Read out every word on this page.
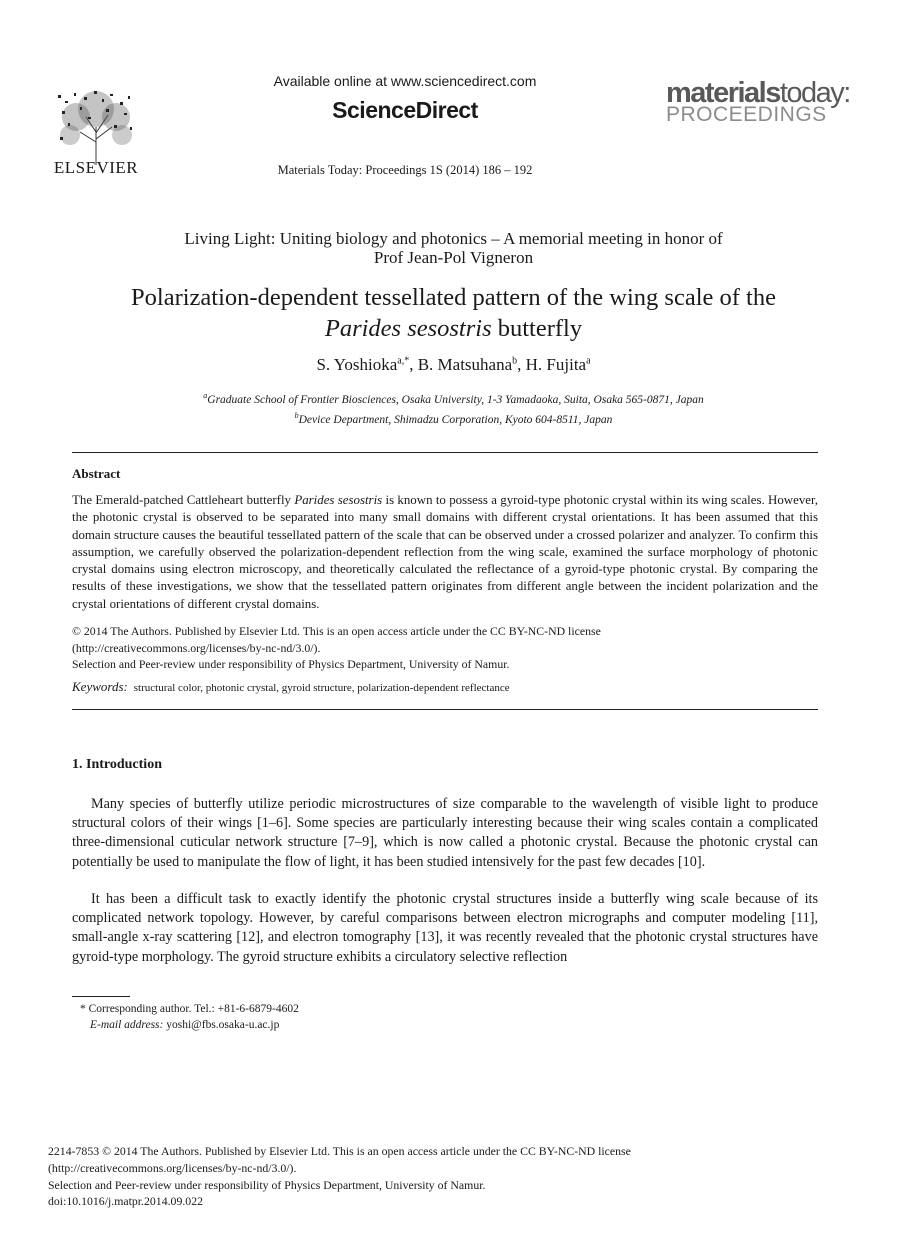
ELSEVIER
Available online at www.sciencedirect.com
ScienceDirect
Materials Today: Proceedings 1S (2014) 186 – 192
materialstoday:
PROCEEDINGS
Living Light: Uniting biology and photonics – A memorial meeting in honor of
Prof Jean-Pol Vigneron
Polarization-dependent tessellated pattern of the wing scale of the
Parides sesostris butterfly
S. Yoshioka$^{a,*}$, B. Matsuhana$^b$, H. Fujita$^a$
$^a$Graduate School of Frontier Biosciences, Osaka University, 1-3 Yamadaoka, Suita, Osaka 565-0871, Japan
$^b$Device Department, Shimadzu Corporation, Kyoto 604-8511, Japan
Abstract
The Emerald-patched Cattleheart butterfly Parides sesostris is known to possess a gyroid-type photonic crystal within its wing scales. However, the photonic crystal is observed to be separated into many small domains with different crystal orientations. It has been assumed that this domain structure causes the beautiful tessellated pattern of the scale that can be observed under a crossed polarizer and analyzer. To confirm this assumption, we carefully observed the polarization-dependent reflection from the wing scale, examined the surface morphology of photonic crystal domains using electron microscopy, and theoretically calculated the reflectance of a gyroid-type photonic crystal. By comparing the results of these investigations, we show that the tessellated pattern originates from different angle between the incident polarization and the crystal orientations of different crystal domains.
© 2014 The Authors. Published by Elsevier Ltd. This is an open access article under the CC BY-NC-ND license
(http://creativecommons.org/licenses/by-nc-nd/3.0/).
Selection and Peer-review under responsibility of Physics Department, University of Namur.
Keywords: structural color, photonic crystal, gyroid structure, polarization-dependent reflectance
1. Introduction
Many species of butterfly utilize periodic microstructures of size comparable to the wavelength of visible light to produce structural colors of their wings [1–6]. Some species are particularly interesting because their wing scales contain a complicated three-dimensional cuticular network structure [7–9], which is now called a photonic crystal. Because the photonic crystal can potentially be used to manipulate the flow of light, it has been studied intensively for the past few decades [10].
It has been a difficult task to exactly identify the photonic crystal structures inside a butterfly wing scale because of its complicated network topology. However, by careful comparisons between electron micrographs and computer modeling [11], small-angle x-ray scattering [12], and electron tomography [13], it was recently revealed that the photonic crystal structures have gyroid-type morphology. The gyroid structure exhibits a circulatory selective reflection
* Corresponding author. Tel.: +81-6-6879-4602
E-mail address: yoshi@fbs.osaka-u.ac.jp
2214-7853 © 2014 The Authors. Published by Elsevier Ltd. This is an open access article under the CC BY-NC-ND license
(http://creativecommons.org/licenses/by-nc-nd/3.0/).
Selection and Peer-review under responsibility of Physics Department, University of Namur.
doi:10.1016/j.matpr.2014.09.022
